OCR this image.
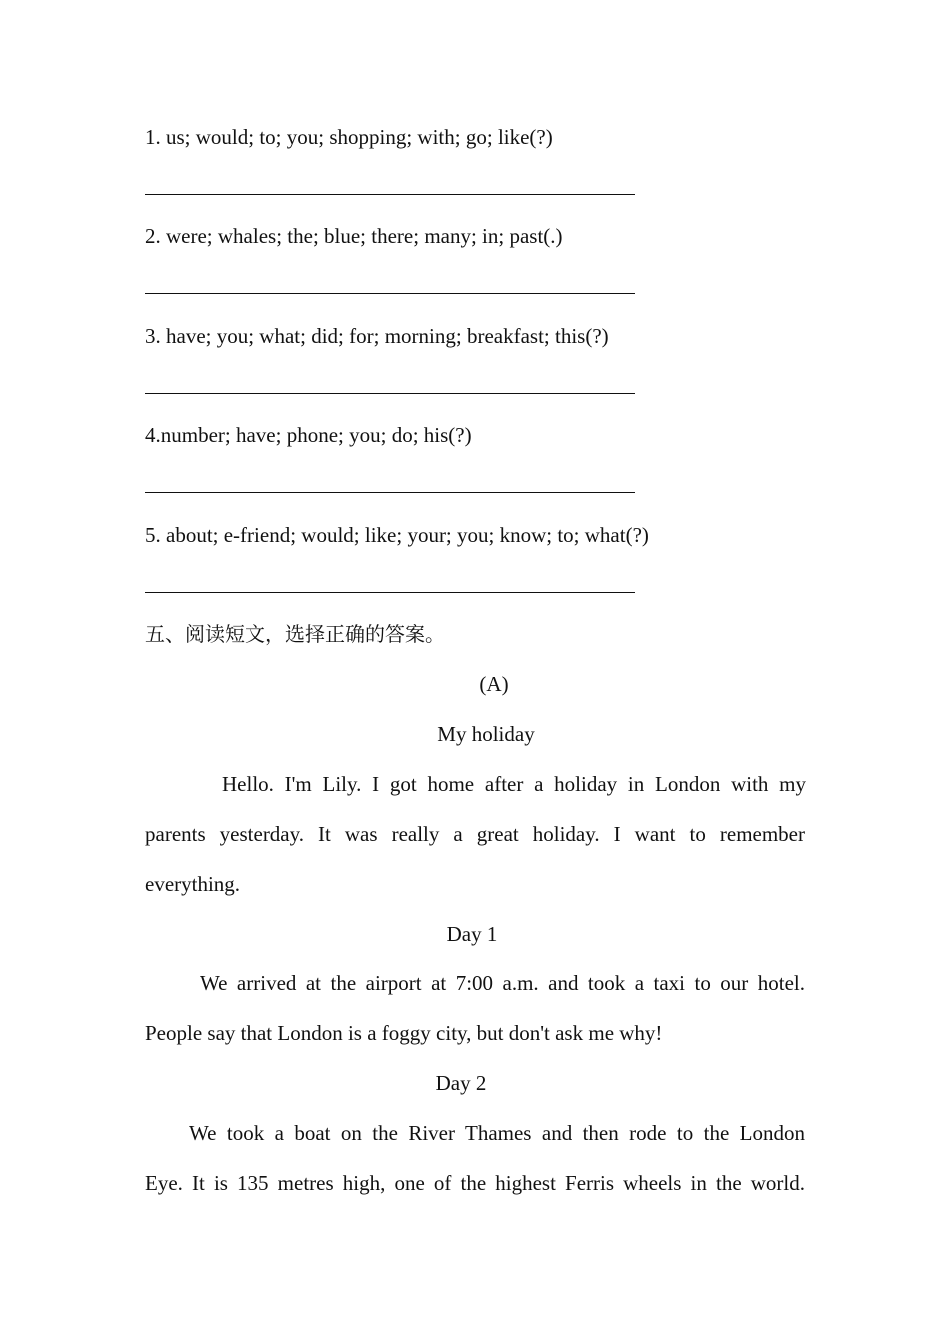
1. us; would; to; you; shopping; with; go; like(?)
2. were; whales; the; blue; there; many; in; past(.)
3. have; you; what; did; for; morning; breakfast; this(?)
4.number; have; phone; you; do; his(?)
5. about; e-friend; would; like; your; you; know; to; what(?)
五、阅读短文，选择正确的答案。
(A)
My holiday
Hello. I'm Lily. I got home after a holiday in London with my
parents yesterday. It was really a great holiday. I want to remember
everything.
Day 1
We arrived at the airport at 7:00 a.m. and took a taxi to our hotel.
People say that London is a foggy city, but don't ask me why!
Day 2
We took a boat on the River Thames and then rode to the London
Eye. It is 135 metres high, one of the highest Ferris wheels in the world.
